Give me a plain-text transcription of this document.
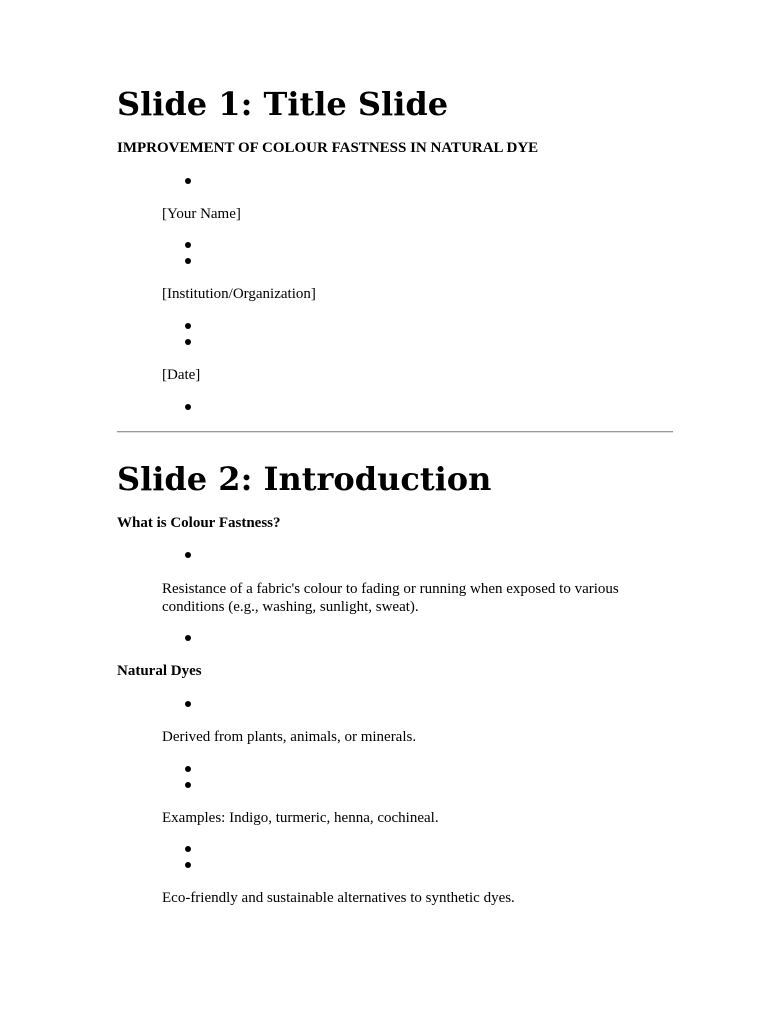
Slide 1: Title Slide
IMPROVEMENT OF COLOUR FASTNESS IN NATURAL DYE
[Your Name]
[Institution/Organization]
[Date]
Slide 2: Introduction
What is Colour Fastness?
Resistance of a fabric's colour to fading or running when exposed to various conditions (e.g., washing, sunlight, sweat).
Natural Dyes
Derived from plants, animals, or minerals.
Examples: Indigo, turmeric, henna, cochineal.
Eco-friendly and sustainable alternatives to synthetic dyes.
